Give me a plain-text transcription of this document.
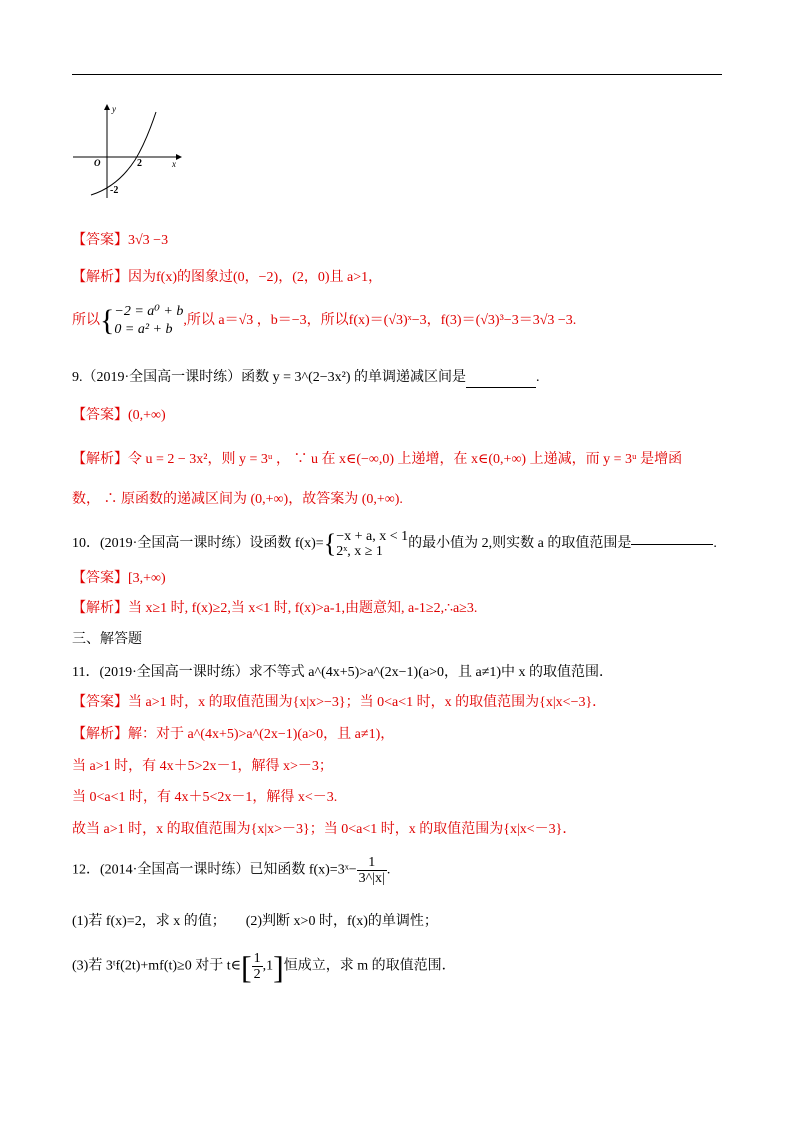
y
x
O	2
-2
【答案】3√3 −3
【解析】因为f(x)的图象过(0，−2)，(2，0)且 a>1，
所以{ −2 = a⁰ + b
0 = a² + b
,所以 a＝√3 ，b＝−3，所以f(x)＝(√3)ˣ−3，f(3)＝(√3)³−3＝3√3 −3.
9.（2019·全国高一课时练）函数 y = 3^(2−3x²) 的单调递减区间是	.
【答案】(0,+∞)
【解析】令 u = 2 − 3x²，则 y = 3ᵘ ， ∵ u 在 x∈(−∞,0) 上递增，在 x∈(0,+∞) 上递减，而 y = 3ᵘ 是增函
数， ∴ 原函数的递减区间为 (0,+∞)，故答案为 (0,+∞).
10．(2019·全国高一课时练）设函数 f(x)={ −x + a, x < 1
2ˣ, x ≥ 1
的最小值为 2,则实数 a 的取值范围是	.
【答案】[3,+∞)
【解析】当 x≥1 时, f(x)≥2,当 x<1 时, f(x)>a-1,由题意知, a-1≥2,∴a≥3.
三、解答题
11．(2019·全国高一课时练）求不等式 a^(4x+5)>a^(2x−1)(a>0，且 a≠1)中 x 的取值范围．
【答案】当 a>1 时，x 的取值范围为{x|x>−3}；当 0<a<1 时，x 的取值范围为{x|x<−3}．
【解析】解：对于 a^(4x+5)>a^(2x−1)(a>0，且 a≠1)，
当 a>1 时，有 4x＋5>2x－1，解得 x>－3；
当 0<a<1 时，有 4x＋5<2x－1，解得 x<－3.
故当 a>1 时，x 的取值范围为{x|x>－3}；当 0<a<1 时，x 的取值范围为{x|x<－3}．
12．(2014·全国高一课时练）已知函数 f(x)=3ˣ− $\frac{1}{3\^{}|x|}$ .
(1)若 f(x)=2，求 x 的值； (2)判断 x>0 时，f(x)的单调性；
(3)若 3ᵗf(2t)+mf(t)≥0 对于 t∈[ $\frac{1}{2} ,1$]恒成立，求 m 的取值范围．
